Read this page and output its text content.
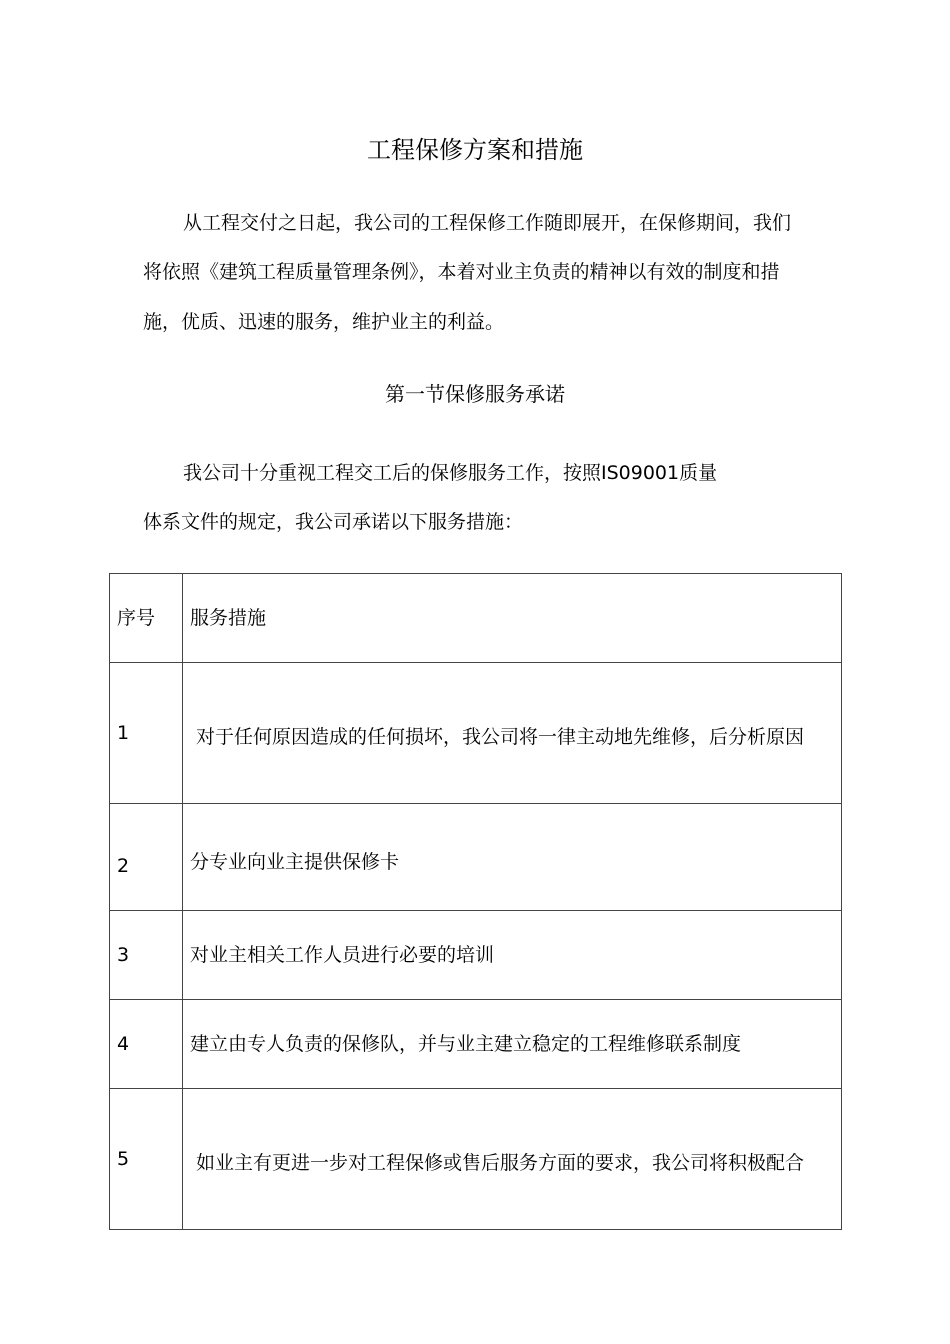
工程保修方案和措施
从工程交付之日起，我公司的工程保修工作随即展开，在保修期间，我们
将依照《建筑工程质量管理条例》，本着对业主负责的精神以有效的制度和措
施，优质、迅速的服务，维护业主的利益。
第一节保修服务承诺
我公司十分重视工程交工后的保修服务工作，按照IS09001质量
体系文件的规定，我公司承诺以下服务措施：
序号	服务措施
1	对于任何原因造成的任何损坏，我公司将一律主动地先维修，后分析原因
2	分专业向业主提供保修卡
3	对业主相关工作人员进行必要的培训
4	建立由专人负责的保修队，并与业主建立稳定的工程维修联系制度
5	如业主有更进一步对工程保修或售后服务方面的要求，我公司将积极配合
